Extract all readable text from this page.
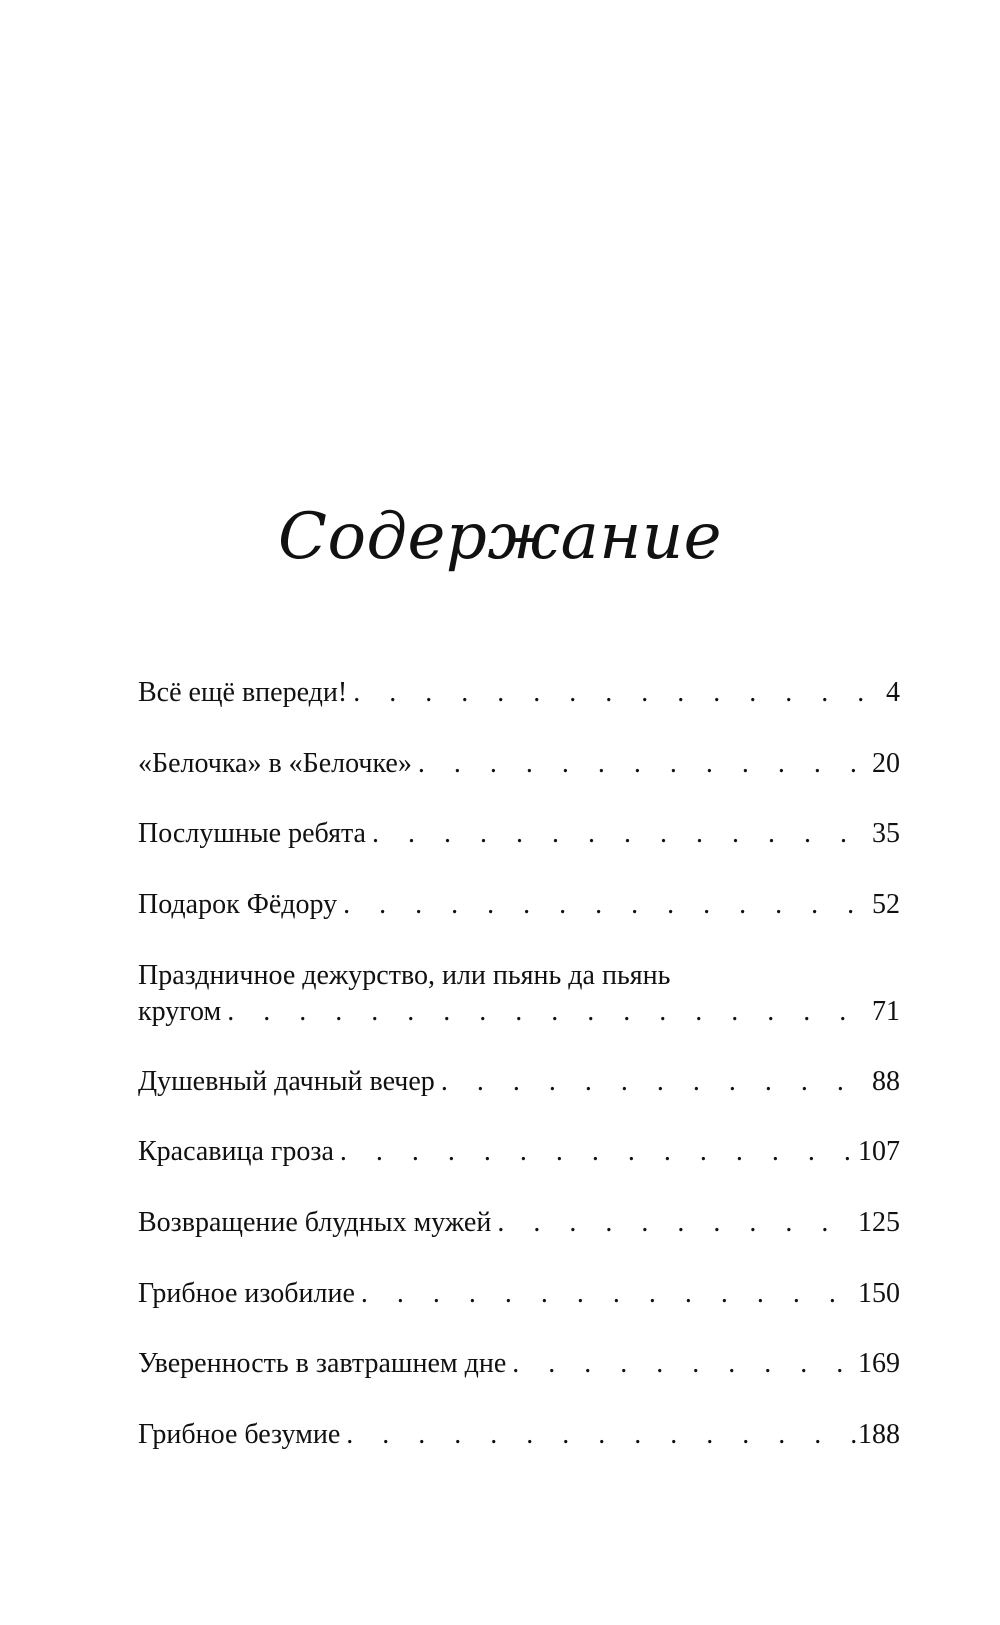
Содержание
Всё ещё впереди! . . .	4
«Белочка» в «Белочке» . . .	20
Послушные ребята . . .	35
Подарок Фёдору . . .	52
Праздничное дежурство, или пьянь да пьянь
кругом . . .	71
Душевный дачный вечер . . .	88
Красавица гроза . . .	107
Возвращение блудных мужей . . .	125
Грибное изобилие . . .	150
Уверенность в завтрашнем дне . . .	169
Грибное безумие . . .	188
